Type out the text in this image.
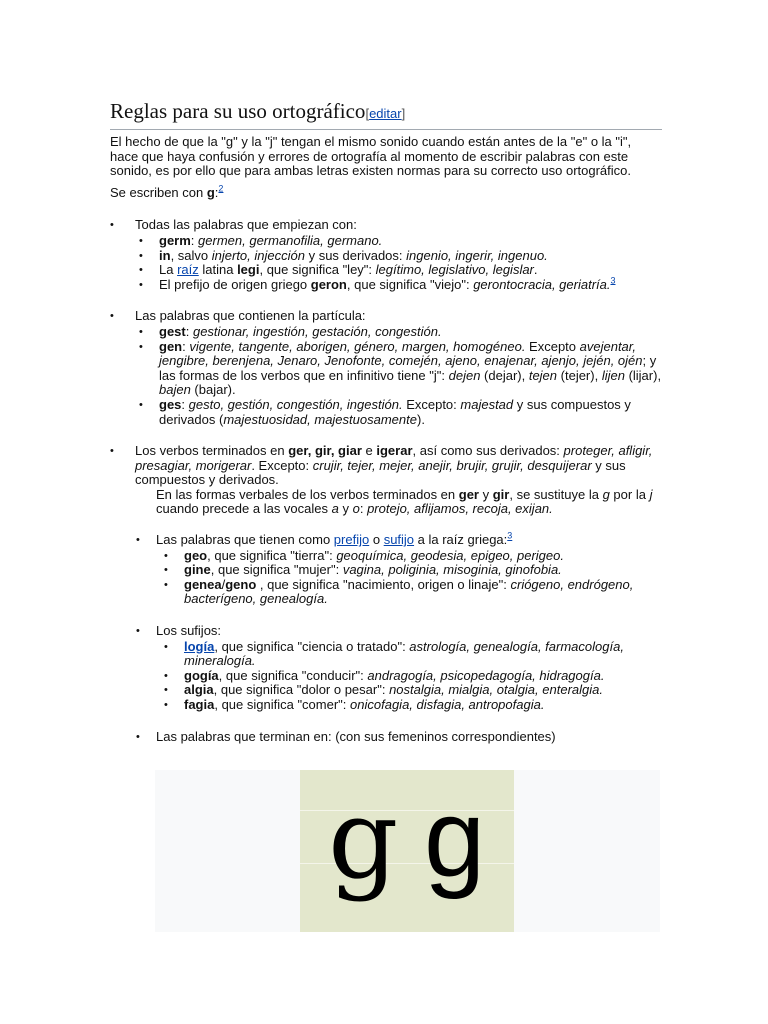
Reglas para su uso ortográfico[editar]

El hecho de que la "g" y la "j" tengan el mismo sonido cuando están antes de la "e" o la "i", hace que haya confusión y errores de ortografía al momento de escribir palabras con este sonido, es por ello que para ambas letras existen normas para su correcto uso ortográfico.

Se escriben con g:$^2$

• Todas las palabras que empiezan con:
• germ: germen, germanofilia, germano.
• in, salvo injerto, injección y sus derivados: ingenio, ingerir, ingenuo.
• La raíz latina legi, que significa "ley": legítimo, legislativo, legislar.
• El prefijo de origen griego geron, que significa "viejo": gerontocracia, geriatría.$^3$
• Las palabras que contienen la partícula:
• gest: gestionar, ingestión, gestación, congestión.
• gen: vigente, tangente, aborigen, género, margen, homogéneo. Excepto avejentar, jengibre, berenjena, Jenaro, Jenofonte, comején, ajeno, enajenar, ajenjo, jején, ojén; y las formas de los verbos que en infinitivo tiene "j": dejen (dejar), tejen (tejer), lijen (lijar), bajen (bajar).
• ges: gesto, gestión, congestión, ingestión. Excepto: majestad y sus compuestos y derivados (majestuosidad, majestuosamente).
• Los verbos terminados en ger, gir, giar e igerar, así como sus derivados: proteger, afligir, presagiar, morigerar. Excepto: crujir, tejer, mejer, anejir, brujir, grujir, desquijerar y sus compuestos y derivados.

En las formas verbales de los verbos terminados en ger y gir, se sustituye la g por la j cuando precede a las vocales a y o: protejo, aflijamos, recoja, exijan.

• Las palabras que tienen como prefijo o sufijo a la raíz griega:$^3$
• geo, que significa "tierra": geoquímica, geodesia, epigeo, perigeo.
• gine, que significa "mujer": vagina, poliginia, misoginia, ginofobia.
• genea/geno , que significa "nacimiento, origen o linaje": criógeno, endrógeno, bacterígeno, genealogía.
• Los sufijos:
• logía, que significa "ciencia o tratado": astrología, genealogía, farmacología, mineralogía.
• gogía, que significa "conducir": andragogía, psicopedagogía, hidragogía.
• algia, que significa "dolor o pesar": nostalgia, mialgia, otalgia, enteralgia.
• fagia, que significa "comer": onicofagia, disfagia, antropofagia.
• Las palabras que terminan en: (con sus femeninos correspondientes)
g g
